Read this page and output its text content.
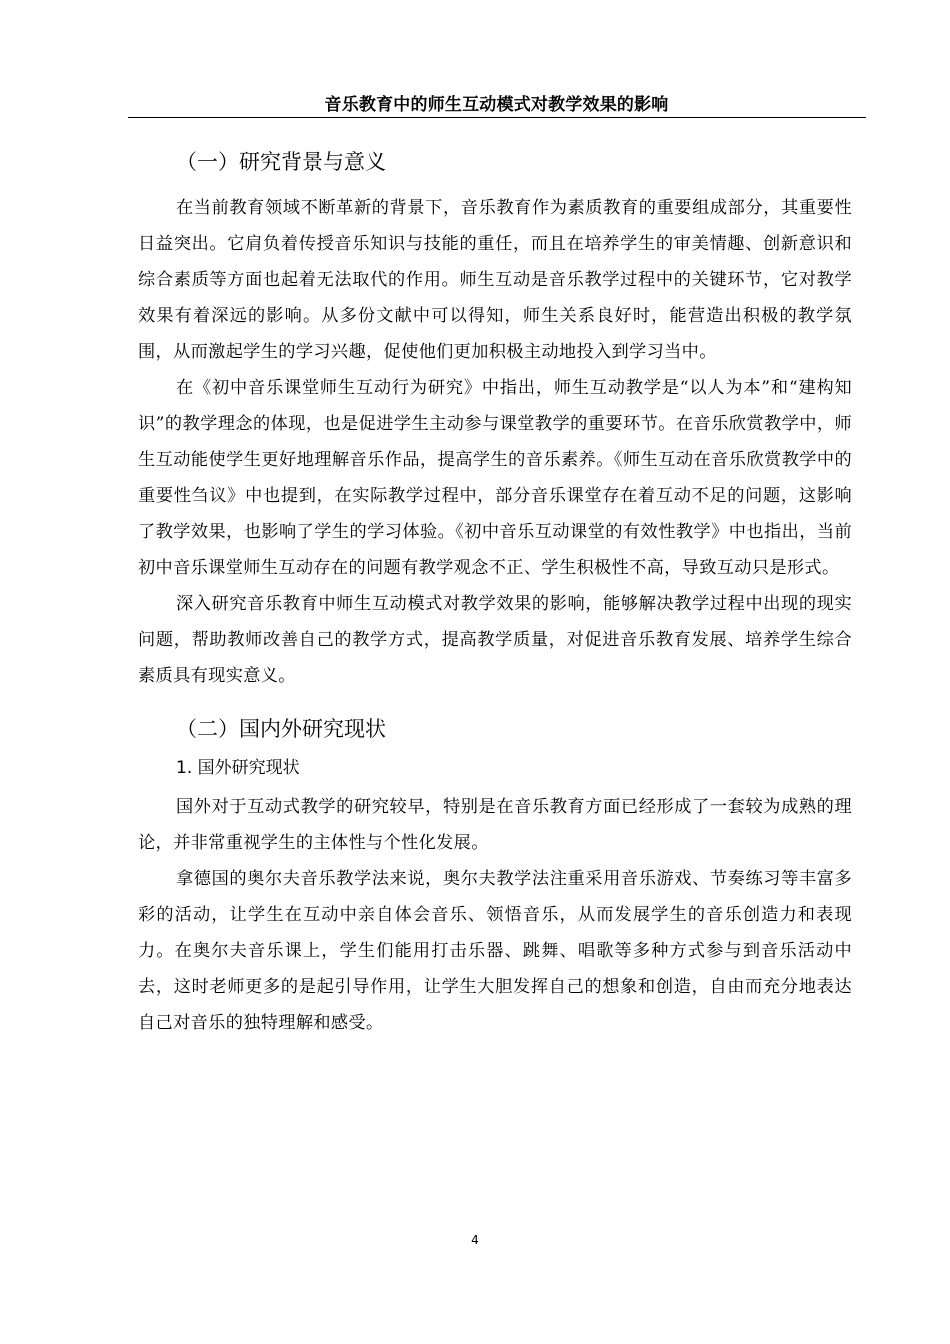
音乐教育中的师生互动模式对教学效果的影响
（一）研究背景与意义

在当前教育领域不断革新的背景下，音乐教育作为素质教育的重要组成部分，其重要性日益突出。它肩负着传授音乐知识与技能的重任，而且在培养学生的审美情趣、创新意识和综合素质等方面也起着无法取代的作用。师生互动是音乐教学过程中的关键环节，它对教学效果有着深远的影响。从多份文献中可以得知，师生关系良好时，能营造出积极的教学氛围，从而激起学生的学习兴趣，促使他们更加积极主动地投入到学习当中。

在《初中音乐课堂师生互动行为研究》中指出，师生互动教学是“以人为本”和“建构知识”的教学理念的体现，也是促进学生主动参与课堂教学的重要环节。在音乐欣赏教学中，师生互动能使学生更好地理解音乐作品，提高学生的音乐素养。《师生互动在音乐欣赏教学中的重要性刍议》中也提到，在实际教学过程中，部分音乐课堂存在着互动不足的问题，这影响了教学效果，也影响了学生的学习体验。《初中音乐互动课堂的有效性教学》中也指出，当前初中音乐课堂师生互动存在的问题有教学观念不正、学生积极性不高，导致互动只是形式。

深入研究音乐教育中师生互动模式对教学效果的影响，能够解决教学过程中出现的现实问题，帮助教师改善自己的教学方式，提高教学质量，对促进音乐教育发展、培养学生综合素质具有现实意义。

（二）国内外研究现状
1. 国外研究现状

国外对于互动式教学的研究较早，特别是在音乐教育方面已经形成了一套较为成熟的理论，并非常重视学生的主体性与个性化发展。

拿德国的奥尔夫音乐教学法来说，奥尔夫教学法注重采用音乐游戏、节奏练习等丰富多彩的活动，让学生在互动中亲自体会音乐、领悟音乐，从而发展学生的音乐创造力和表现力。在奥尔夫音乐课上，学生们能用打击乐器、跳舞、唱歌等多种方式参与到音乐活动中去，这时老师更多的是起引导作用，让学生大胆发挥自己的想象和创造，自由而充分地表达自己对音乐的独特理解和感受。

4
